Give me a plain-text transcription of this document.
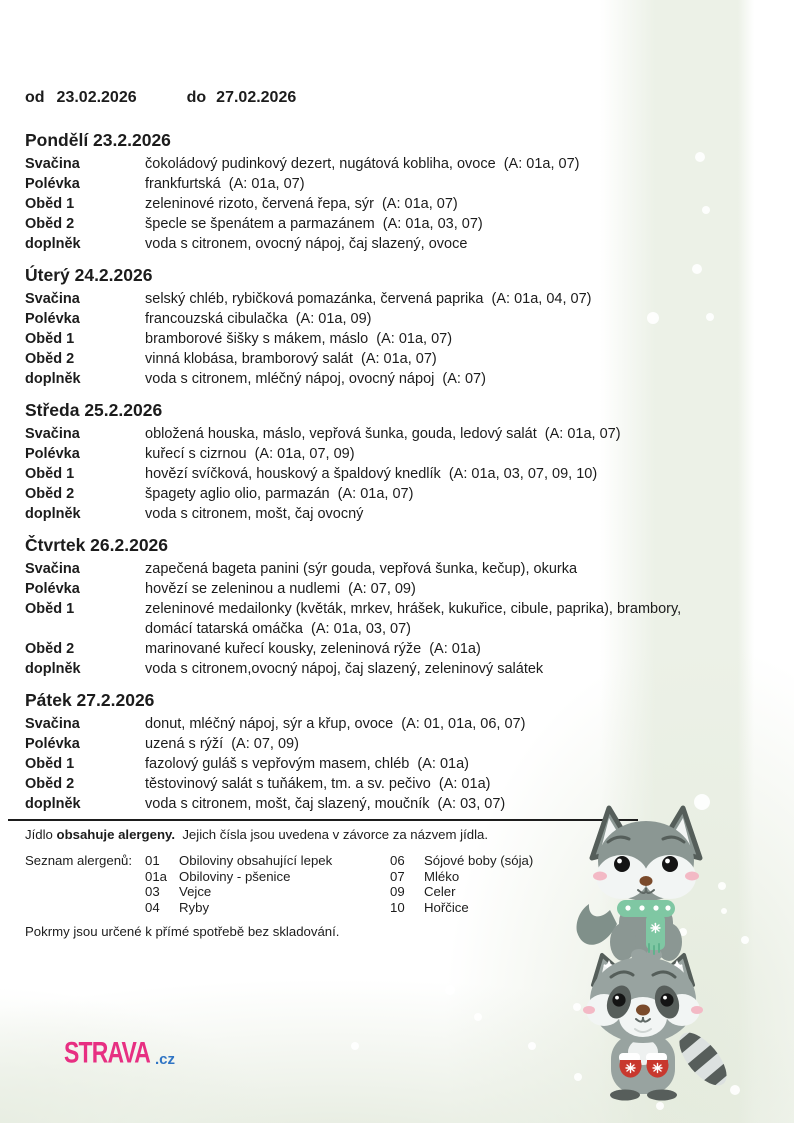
od 23.02.2026	do 27.02.2026
Pondělí 23.2.2026
Svačina	čokoládový pudinkový dezert, nugátová kobliha, ovoce  (A: 01a, 07)
Polévka	frankfurtská  (A: 01a, 07)
Oběd 1	zeleninové rizoto, červená řepa, sýr  (A: 01a, 07)
Oběd 2	špecle se špenátem a parmazánem  (A: 01a, 03, 07)
doplněk	voda s citronem, ovocný nápoj, čaj slazený, ovoce
Úterý 24.2.2026
Svačina	selský chléb, rybičková pomazánka, červená paprika  (A: 01a, 04, 07)
Polévka	francouzská cibulačka  (A: 01a, 09)
Oběd 1	bramborové šišky s mákem, máslo  (A: 01a, 07)
Oběd 2	vinná klobása, bramborový salát  (A: 01a, 07)
doplněk	voda s citronem, mléčný nápoj, ovocný nápoj  (A: 07)
Středa 25.2.2026
Svačina	obložená houska, máslo, vepřová šunka, gouda, ledový salát  (A: 01a, 07)
Polévka	kuřecí s cizrnou  (A: 01a, 07, 09)
Oběd 1	hovězí svíčková, houskový a špaldový knedlík  (A: 01a, 03, 07, 09, 10)
Oběd 2	špagety aglio olio, parmazán  (A: 01a, 07)
doplněk	voda s citronem, mošt, čaj ovocný
Čtvrtek 26.2.2026
Svačina	zapečená bageta panini (sýr gouda, vepřová šunka, kečup), okurka
Polévka	hovězí se zeleninou a nudlemi  (A: 07, 09)
Oběd 1	zeleninové medailonky (květák, mrkev, hrášek, kukuřice, cibule, paprika), brambory, domácí tatarská omáčka  (A: 01a, 03, 07)
Oběd 2	marinované kuřecí kousky, zeleninová rýže  (A: 01a)
doplněk	voda s citronem,ovocný nápoj, čaj slazený, zeleninový salátek
Pátek 27.2.2026
Svačina	donut, mléčný nápoj, sýr a křup, ovoce  (A: 01, 01a, 06, 07)
Polévka	uzená s rýží  (A: 07, 09)
Oběd 1	fazolový guláš s vepřovým masem, chléb  (A: 01a)
Oběd 2	těstovinový salát s tuňákem, tm. a sv. pečivo  (A: 01a)
doplněk	voda s citronem, mošt, čaj slazený, moučník  (A: 03, 07)
Jídlo obsahuje alergeny.  Jejich čísla jsou uvedena v závorce za názvem jídla.
Seznam alergenů: 01	Obiloviny obsahující lepek
01a Obiloviny - pšenice
03	Vejce
04	Ryby
06	Sójové boby (sója)
07	Mléko
09	Celer
10	Hořčice
Pokrmy jsou určené k přímé spotřebě bez skladování.
STRAVA .cz
